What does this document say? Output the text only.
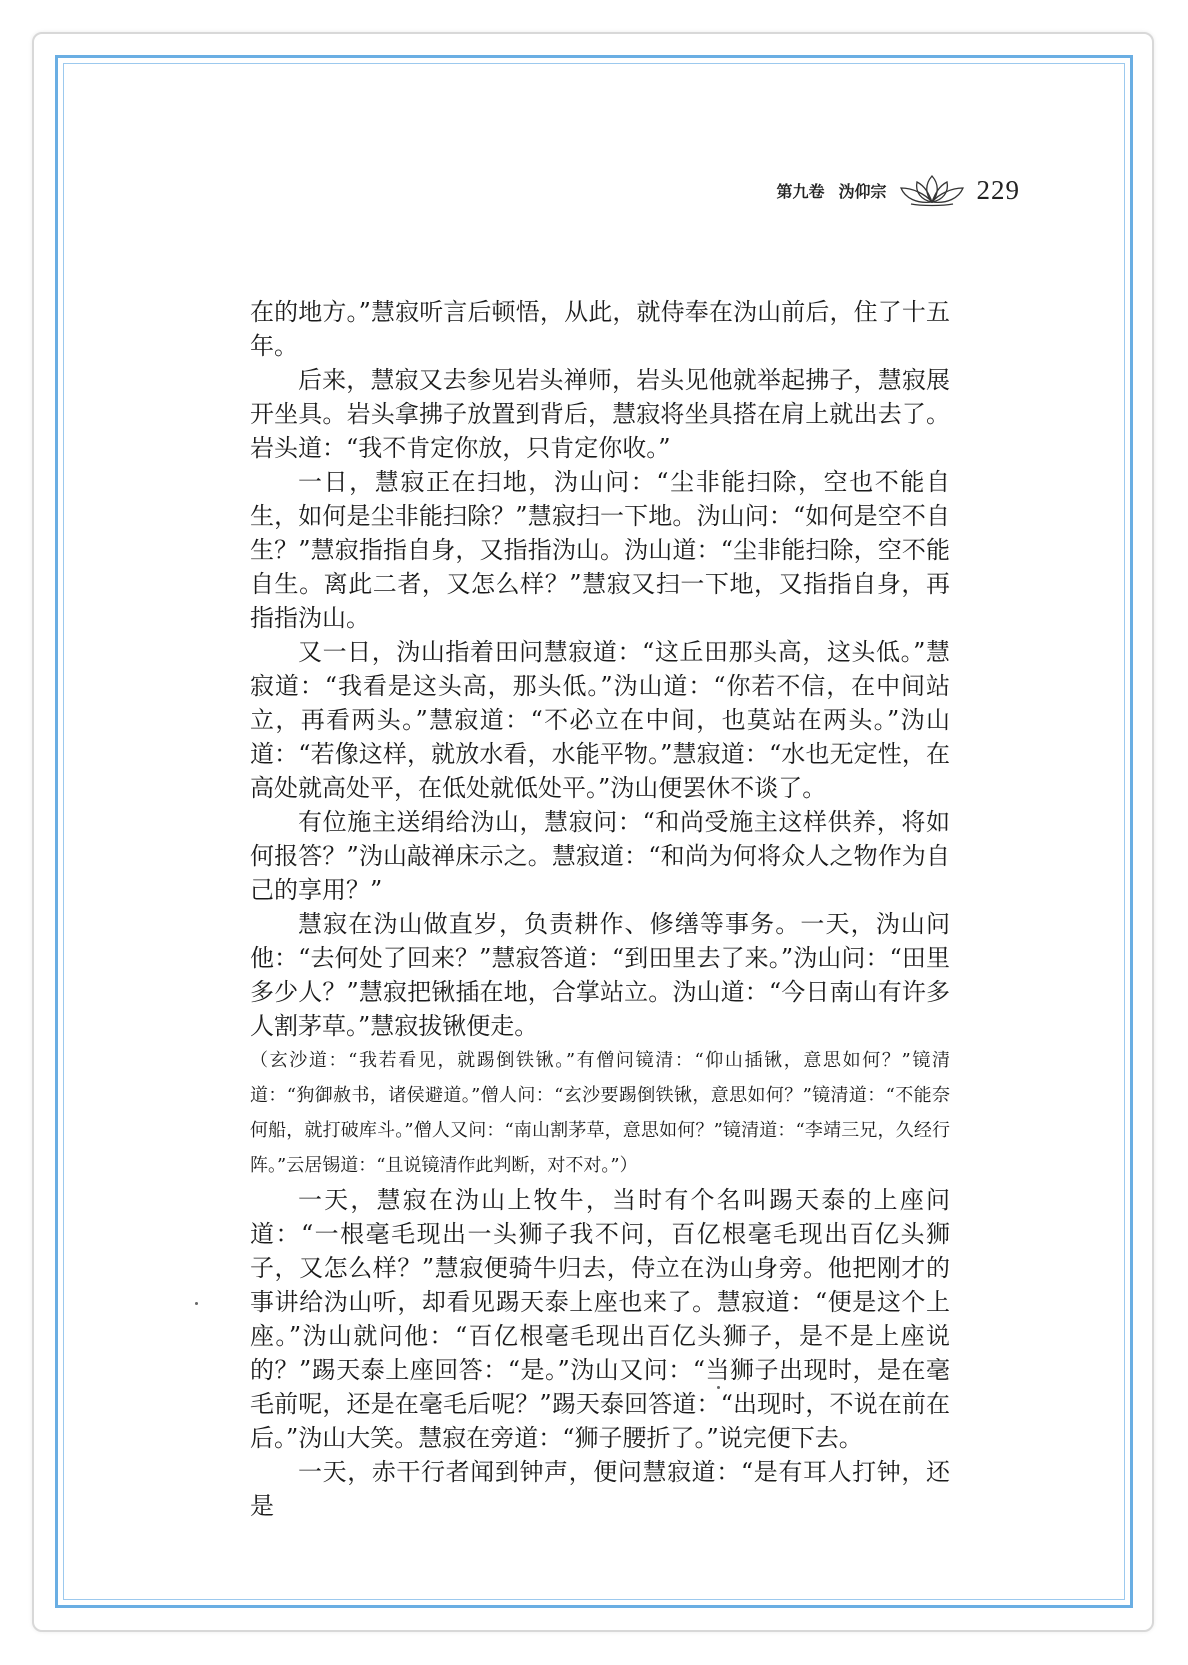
第九卷 沩仰宗	229

在的地方。”慧寂听言后顿悟，从此，就侍奉在沩山前后，住了十五年。

后来，慧寂又去参见岩头禅师，岩头见他就举起拂子，慧寂展开坐具。岩头拿拂子放置到背后，慧寂将坐具搭在肩上就出去了。岩头道：“我不肯定你放，只肯定你收。”

一日，慧寂正在扫地，沩山问：“尘非能扫除，空也不能自生，如何是尘非能扫除？”慧寂扫一下地。沩山问：“如何是空不自生？”慧寂指指自身，又指指沩山。沩山道：“尘非能扫除，空不能自生。离此二者，又怎么样？”慧寂又扫一下地，又指指自身，再指指沩山。

又一日，沩山指着田问慧寂道：“这丘田那头高，这头低。”慧寂道：“我看是这头高，那头低。”沩山道：“你若不信，在中间站立，再看两头。”慧寂道：“不必立在中间，也莫站在两头。”沩山道：“若像这样，就放水看，水能平物。”慧寂道：“水也无定性，在高处就高处平，在低处就低处平。”沩山便罢休不谈了。

有位施主送绢给沩山，慧寂问：“和尚受施主这样供养，将如何报答？”沩山敲禅床示之。慧寂道：“和尚为何将众人之物作为自己的享用？”

慧寂在沩山做直岁，负责耕作、修缮等事务。一天，沩山问他：“去何处了回来？”慧寂答道：“到田里去了来。”沩山问：“田里多少人？”慧寂把锹插在地，合掌站立。沩山道：“今日南山有许多人割茅草。”慧寂拔锹便走。

（玄沙道：“我若看见，就踢倒铁锹。”有僧问镜清：“仰山插锹，意思如何？”镜清道：“狗御赦书，诸侯避道。”僧人问：“玄沙要踢倒铁锹，意思如何？”镜清道：“不能奈何船，就打破库斗。”僧人又问：“南山割茅草，意思如何？”镜清道：“李靖三兄，久经行阵。”云居锡道：“且说镜清作此判断，对不对。”）

一天，慧寂在沩山上牧牛，当时有个名叫踢天泰的上座问道：“一根毫毛现出一头狮子我不问，百亿根毫毛现出百亿头狮子，又怎么样？”慧寂便骑牛归去，侍立在沩山身旁。他把刚才的事讲给沩山听，却看见踢天泰上座也来了。慧寂道：“便是这个上座。”沩山就问他：“百亿根毫毛现出百亿头狮子，是不是上座说的？”踢天泰上座回答：“是。”沩山又问：“当狮子出现时，是在毫毛前呢，还是在毫毛后呢？”踢天泰回答道：“出现时，不说在前在后。”沩山大笑。慧寂在旁道：“狮子腰折了。”说完便下去。

一天，赤干行者闻到钟声，便问慧寂道：“是有耳人打钟，还是
